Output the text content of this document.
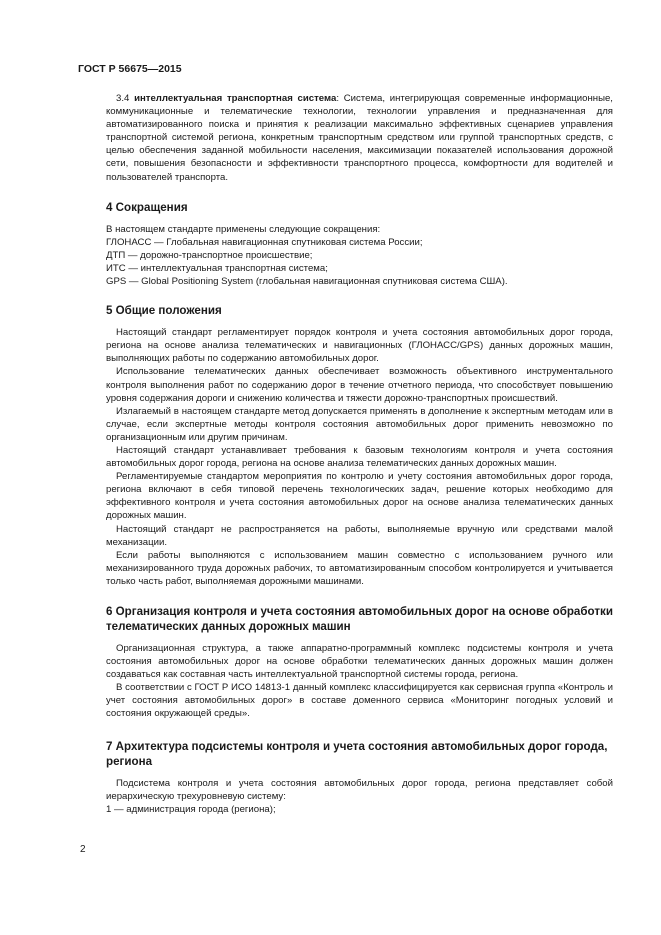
ГОСТ Р 56675—2015

3.4 интеллектуальная транспортная система: Система, интегрирующая современные информационные, коммуникационные и телематические технологии, технологии управления и предназначенная для автоматизированного поиска и принятия к реализации максимально эффективных сценариев управления транспортной системой региона, конкретным транспортным средством или группой транспортных средств, с целью обеспечения заданной мобильности населения, максимизации показателей использования дорожной сети, повышения безопасности и эффективности транспортного процесса, комфортности для водителей и пользователей транспорта.

4 Сокращения

В настоящем стандарте применены следующие сокращения:

ГЛОНАСС — Глобальная навигационная спутниковая система России;

ДТП — дорожно-транспортное происшествие;

ИТС — интеллектуальная транспортная система;

GPS — Global Positioning System (глобальная навигационная спутниковая система США).

5 Общие положения

Настоящий стандарт регламентирует порядок контроля и учета состояния автомобильных дорог города, региона на основе анализа телематических и навигационных (ГЛОНАСС/GPS) данных дорожных машин, выполняющих работы по содержанию автомобильных дорог.

Использование телематических данных обеспечивает возможность объективного инструментального контроля выполнения работ по содержанию дорог в течение отчетного периода, что способствует повышению уровня содержания дороги и снижению количества и тяжести дорожно-транспортных происшествий.

Излагаемый в настоящем стандарте метод допускается применять в дополнение к экспертным методам или в случае, если экспертные методы контроля состояния автомобильных дорог применить невозможно по организационным или другим причинам.

Настоящий стандарт устанавливает требования к базовым технологиям контроля и учета состояния автомобильных дорог города, региона на основе анализа телематических данных дорожных машин.

Регламентируемые стандартом мероприятия по контролю и учету состояния автомобильных дорог города, региона включают в себя типовой перечень технологических задач, решение которых необходимо для эффективного контроля и учета состояния автомобильных дорог на основе анализа телематических данных дорожных машин.

Настоящий стандарт не распространяется на работы, выполняемые вручную или средствами малой механизации.

Если работы выполняются с использованием машин совместно с использованием ручного или механизированного труда дорожных рабочих, то автоматизированным способом контролируется и учитывается только часть работ, выполняемая дорожными машинами.

6 Организация контроля и учета состояния автомобильных дорог на основе обработки телематических данных дорожных машин

Организационная структура, а также аппаратно-программный комплекс подсистемы контроля и учета состояния автомобильных дорог на основе обработки телематических данных дорожных машин должен создаваться как составная часть интеллектуальной транспортной системы города, региона.

В соответствии с ГОСТ Р ИСО 14813-1 данный комплекс классифицируется как сервисная группа «Контроль и учет состояния автомобильных дорог» в составе доменного сервиса «Мониторинг погодных условий и состояния окружающей среды».

7 Архитектура подсистемы контроля и учета состояния автомобильных дорог города, региона

Подсистема контроля и учета состояния автомобильных дорог города, региона представляет собой иерархическую трехуровневую систему:

1 — администрация города (региона);

2
